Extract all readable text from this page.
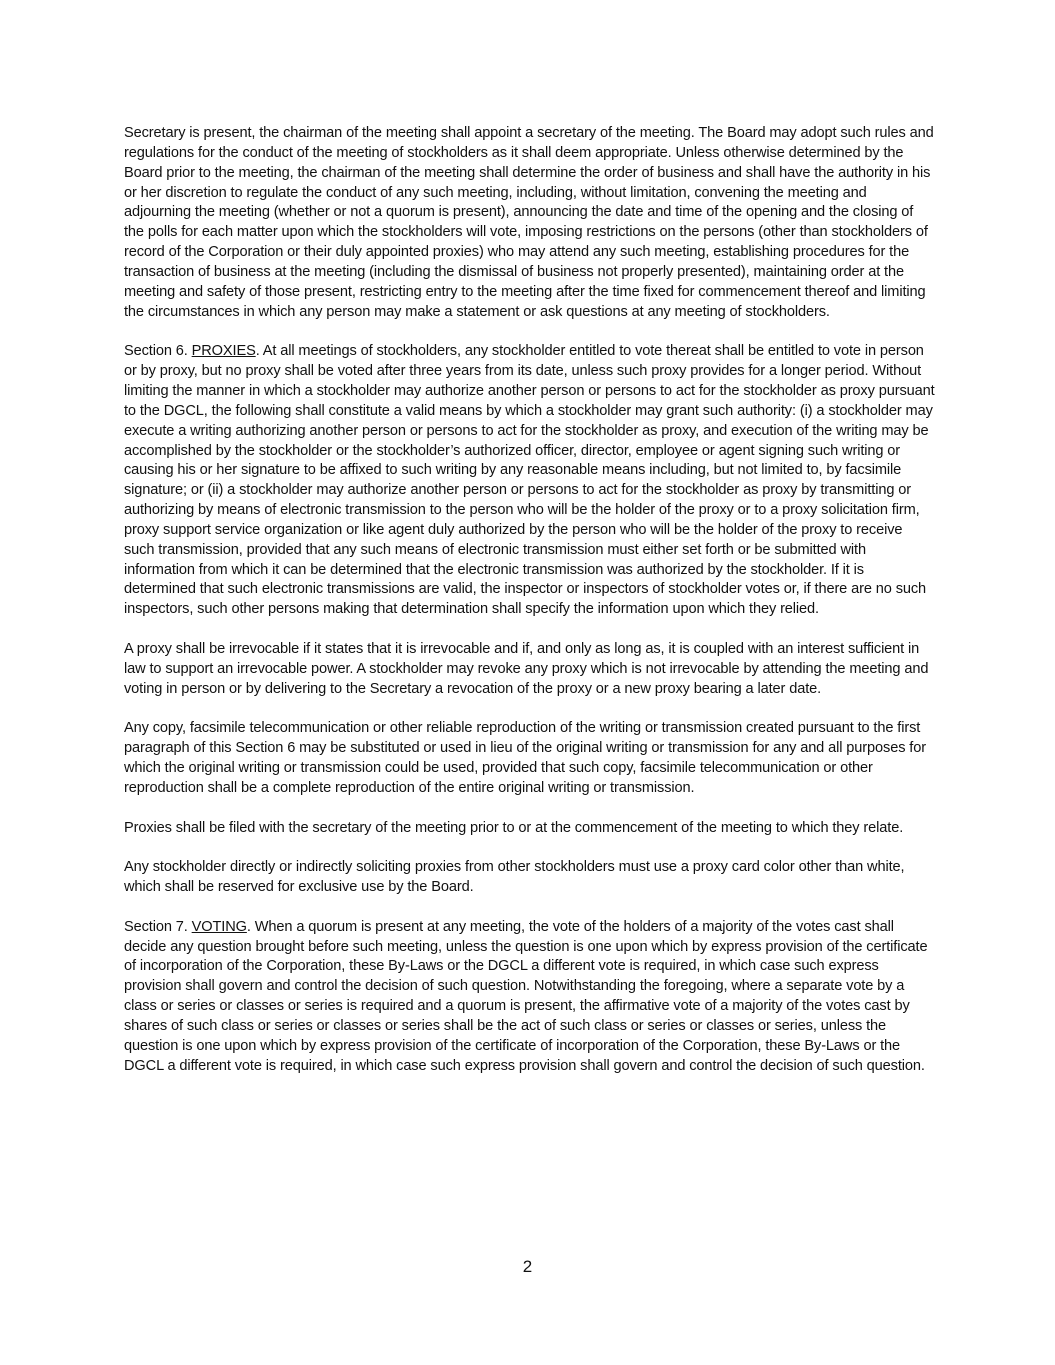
Secretary is present, the chairman of the meeting shall appoint a secretary of the meeting. The Board may adopt such rules and regulations for the conduct of the meeting of stockholders as it shall deem appropriate. Unless otherwise determined by the Board prior to the meeting, the chairman of the meeting shall determine the order of business and shall have the authority in his or her discretion to regulate the conduct of any such meeting, including, without limitation, convening the meeting and adjourning the meeting (whether or not a quorum is present), announcing the date and time of the opening and the closing of the polls for each matter upon which the stockholders will vote, imposing restrictions on the persons (other than stockholders of record of the Corporation or their duly appointed proxies) who may attend any such meeting, establishing procedures for the transaction of business at the meeting (including the dismissal of business not properly presented), maintaining order at the meeting and safety of those present, restricting entry to the meeting after the time fixed for commencement thereof and limiting the circumstances in which any person may make a statement or ask questions at any meeting of stockholders.

Section 6. PROXIES. At all meetings of stockholders, any stockholder entitled to vote thereat shall be entitled to vote in person or by proxy, but no proxy shall be voted after three years from its date, unless such proxy provides for a longer period. Without limiting the manner in which a stockholder may authorize another person or persons to act for the stockholder as proxy pursuant to the DGCL, the following shall constitute a valid means by which a stockholder may grant such authority: (i) a stockholder may execute a writing authorizing another person or persons to act for the stockholder as proxy, and execution of the writing may be accomplished by the stockholder or the stockholder’s authorized officer, director, employee or agent signing such writing or causing his or her signature to be affixed to such writing by any reasonable means including, but not limited to, by facsimile signature; or (ii) a stockholder may authorize another person or persons to act for the stockholder as proxy by transmitting or authorizing by means of electronic transmission to the person who will be the holder of the proxy or to a proxy solicitation firm, proxy support service organization or like agent duly authorized by the person who will be the holder of the proxy to receive such transmission, provided that any such means of electronic transmission must either set forth or be submitted with information from which it can be determined that the electronic transmission was authorized by the stockholder. If it is determined that such electronic transmissions are valid, the inspector or inspectors of stockholder votes or, if there are no such inspectors, such other persons making that determination shall specify the information upon which they relied.

A proxy shall be irrevocable if it states that it is irrevocable and if, and only as long as, it is coupled with an interest sufficient in law to support an irrevocable power. A stockholder may revoke any proxy which is not irrevocable by attending the meeting and voting in person or by delivering to the Secretary a revocation of the proxy or a new proxy bearing a later date.

Any copy, facsimile telecommunication or other reliable reproduction of the writing or transmission created pursuant to the first paragraph of this Section 6 may be substituted or used in lieu of the original writing or transmission for any and all purposes for which the original writing or transmission could be used, provided that such copy, facsimile telecommunication or other reproduction shall be a complete reproduction of the entire original writing or transmission.

Proxies shall be filed with the secretary of the meeting prior to or at the commencement of the meeting to which they relate.

Any stockholder directly or indirectly soliciting proxies from other stockholders must use a proxy card color other than white, which shall be reserved for exclusive use by the Board.

Section 7. VOTING. When a quorum is present at any meeting, the vote of the holders of a majority of the votes cast shall decide any question brought before such meeting, unless the question is one upon which by express provision of the certificate of incorporation of the Corporation, these By-Laws or the DGCL a different vote is required, in which case such express provision shall govern and control the decision of such question. Notwithstanding the foregoing, where a separate vote by a class or series or classes or series is required and a quorum is present, the affirmative vote of a majority of the votes cast by shares of such class or series or classes or series shall be the act of such class or series or classes or series, unless the question is one upon which by express provision of the certificate of incorporation of the Corporation, these By-Laws or the DGCL a different vote is required, in which case such express provision shall govern and control the decision of such question.

2
